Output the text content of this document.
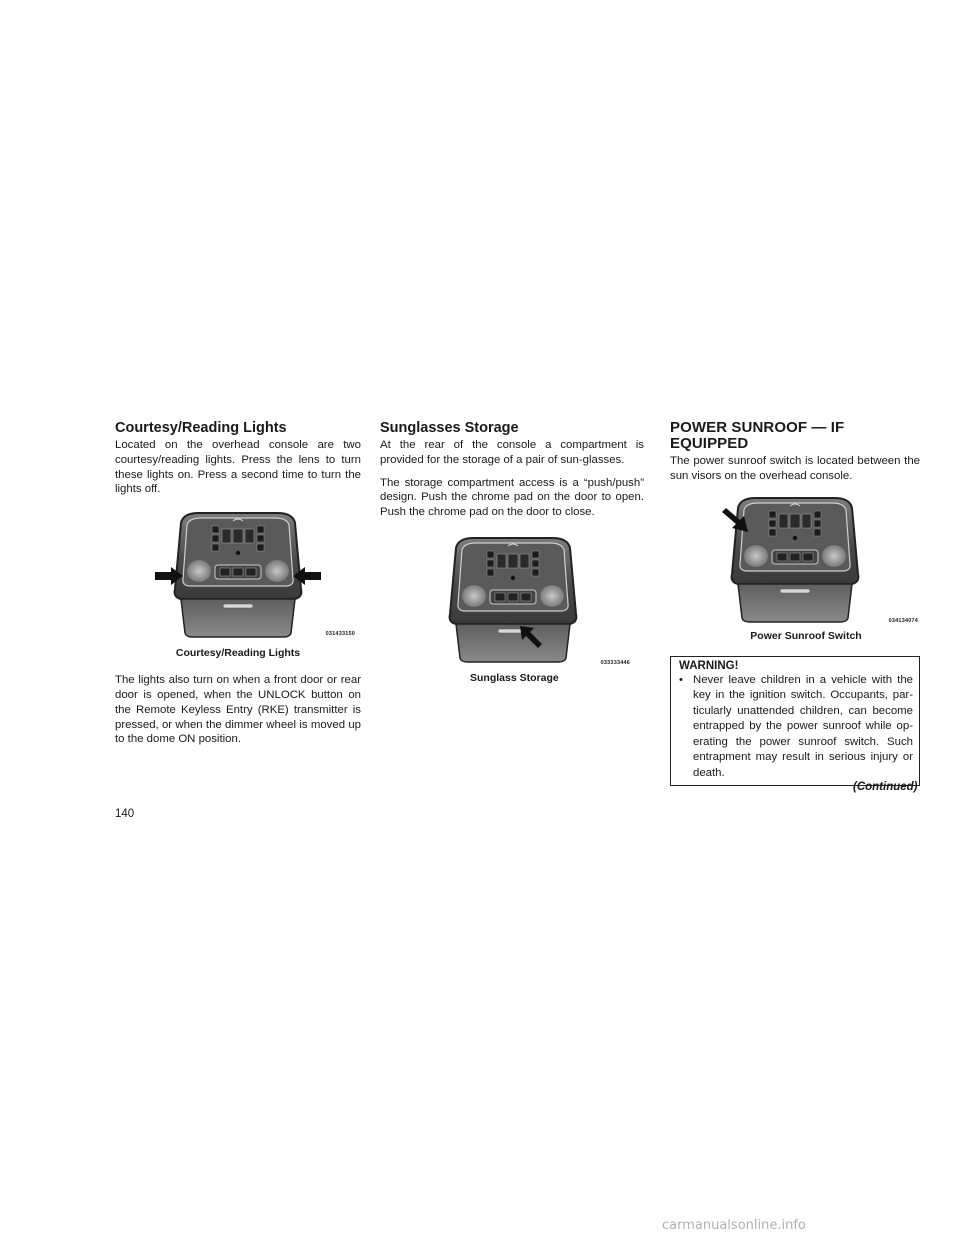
Courtesy/Reading Lights

Located on the overhead console are two courtesy/reading lights. Press the lens to turn these lights on. Press a second time to turn the lights off.

031433150
Courtesy/Reading Lights

The lights also turn on when a front door or rear door is opened, when the UNLOCK button on the Remote Keyless Entry (RKE) transmitter is pressed, or when the dimmer wheel is moved up to the dome ON position.

Sunglasses Storage

At the rear of the console a compartment is provided for the storage of a pair of sun-glasses.

The storage compartment access is a “push/push” design. Push the chrome pad on the door to open. Push the chrome pad on the door to close.

033333446
Sunglass Storage
POWER SUNROOF — IF EQUIPPED

The power sunroof switch is located between the sun visors on the overhead console.

034134074
Power Sunroof Switch
WARNING!
• Never leave children in a vehicle with the key in the ignition switch. Occupants, par-ticularly unattended children, can become entrapped by the power sunroof while op-erating the power sunroof switch. Such entrapment may result in serious injury or death.
(Continued)
140
carmanualsonline.info
